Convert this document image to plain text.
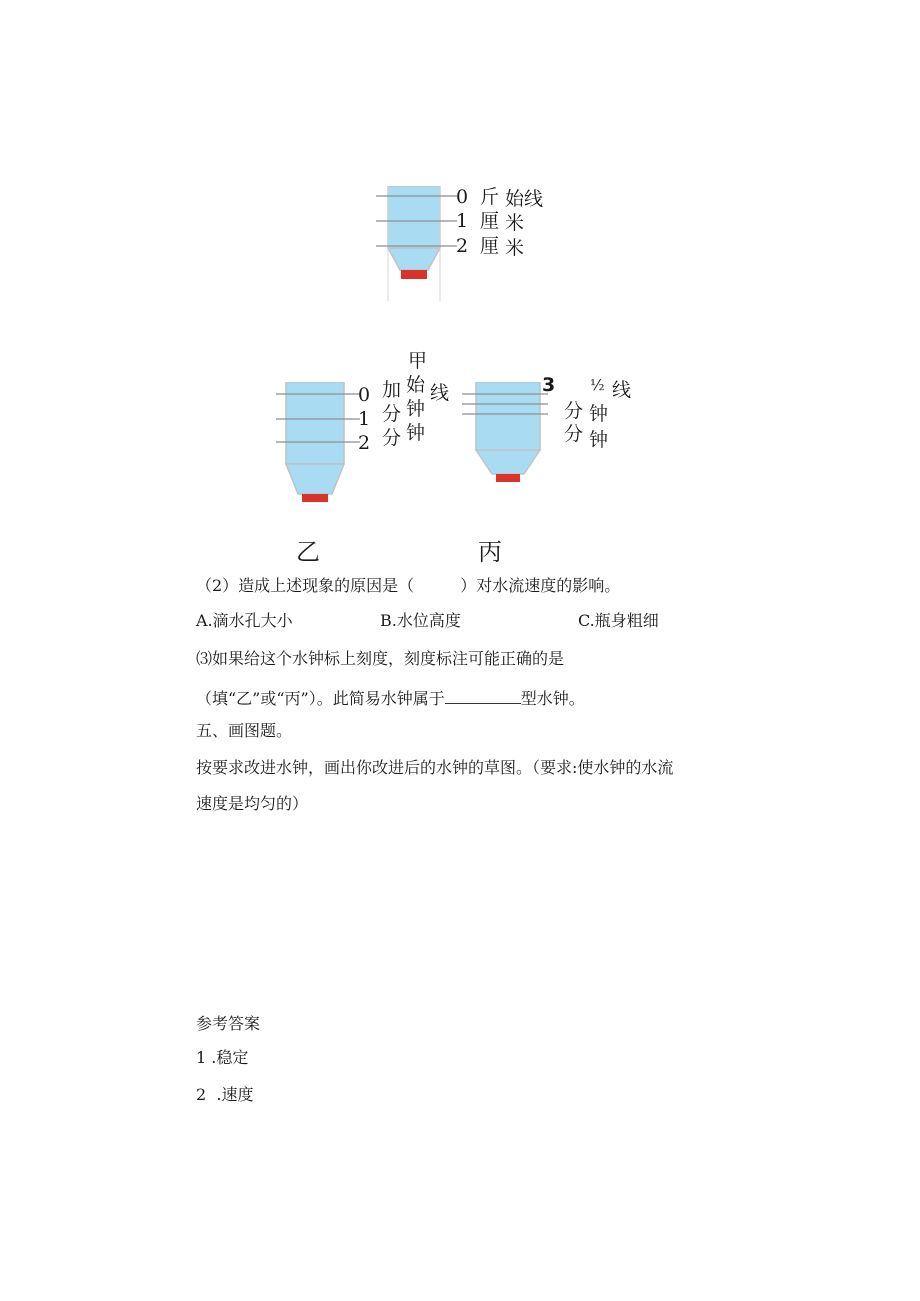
0
1
2
斤
厘
厘
始线
米
米
甲
0
1
2
加
分
分
始
钟
钟
线	3
分
分
½
钟
钟
线
乙	丙
（2）造成上述现象的原因是（	）对水流速度的影响。
A.滴水孔大小	B.水位高度	C.瓶身粗细
⑶如果给这个水钟标上刻度，刻度标注可能正确的是
（填“乙”或“丙”）。此简易水钟属于	型水钟。
五、画图题。
按要求改进水钟，画出你改进后的水钟的草图。（要求:使水钟的水流
速度是均匀的）
参考答案
1 .稳定
2 .速度
